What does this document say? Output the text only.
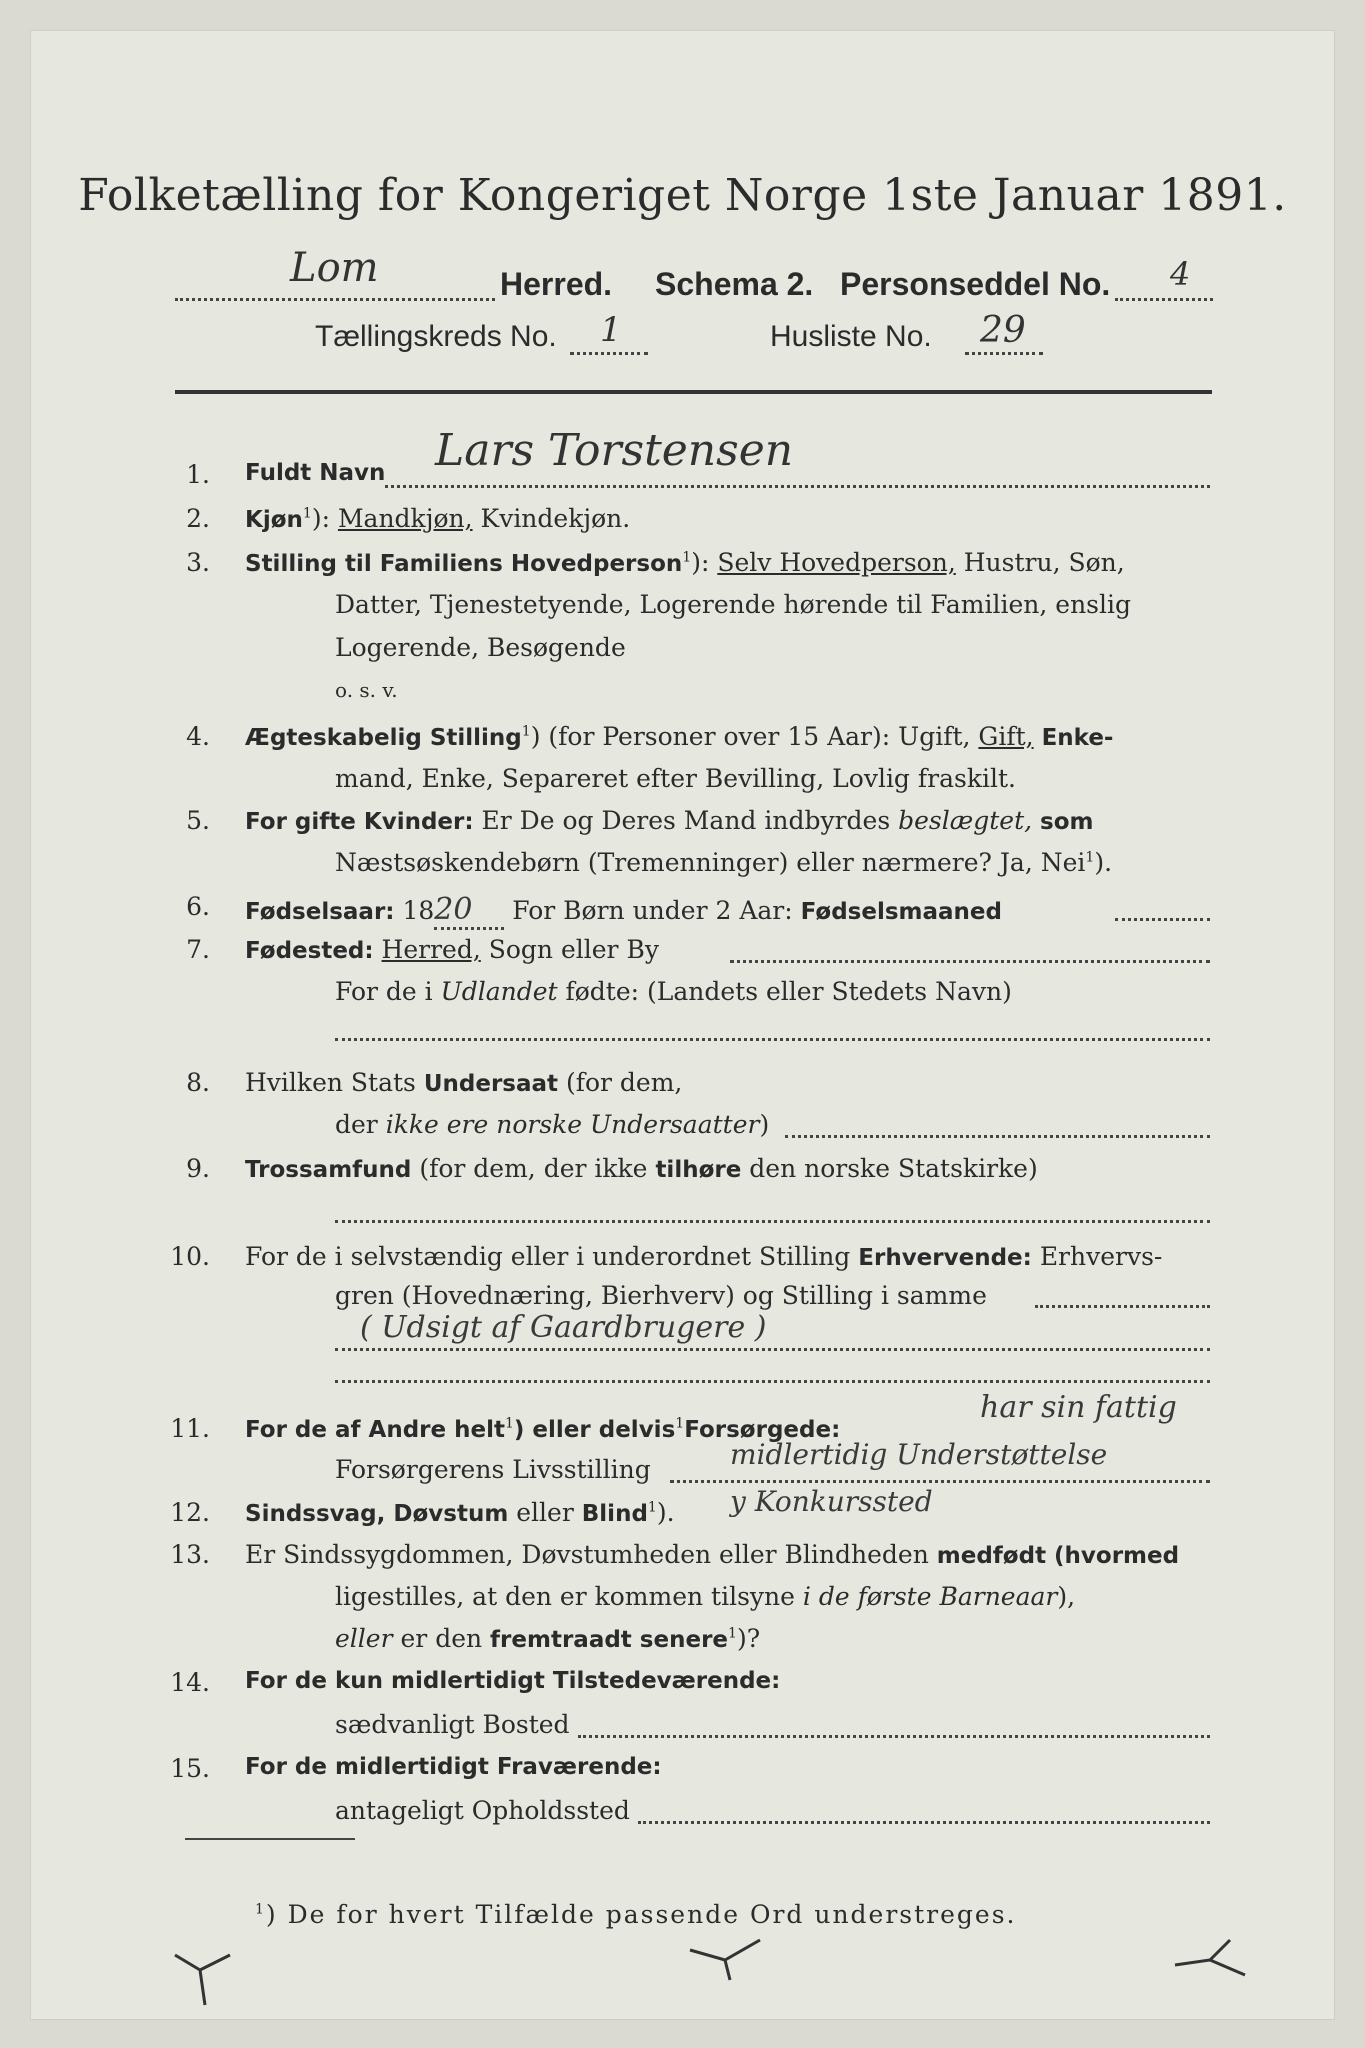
Folketælling for Kongeriget Norge 1ste Januar 1891.
Lom	Herred. Schema 2. Personseddel No. 4
Tællingskreds No. 1	Husliste No. 29
1. Fuldt Navn Lars Torstensen
2. Kjøn$^1$): Mandkjøn, Kvindekjøn.
3. Stilling til Familiens Hovedperson$^1$): Selv Hovedperson, Hustru, Søn,
Datter, Tjenestetyende, Logerende hørende til Familien, enslig
Logerende, Besøgende
o. s. v.
4. Ægteskabelig Stilling$^1$) (for Personer over 15 Aar): Ugift, Gift, Enke-
mand, Enke, Separeret efter Bevilling, Lovlig fraskilt.
5. For gifte Kvinder: Er De og Deres Mand indbyrdes beslægtet, som
Næstsøskendebørn (Tremenninger) eller nærmere? Ja, Nei$^1$).
6. Fødselsaar: 1820 For Børn under 2 Aar: Fødselsmaaned
7. Fødested: Herred, Sogn eller By
For de i Udlandet fødte: (Landets eller Stedets Navn)
8. Hvilken Stats Undersaat (for dem,
der ikke ere norske Undersaatter)
9. Trossamfund (for dem, der ikke tilhøre den norske Statskirke)
10. For de i selvstændig eller i underordnet Stilling Erhvervende: Erhvervs-
gren (Hovednæring, Bierhverv) og Stilling i samme
( Udsigt af Gaardbrugere )
11. For de af Andre helt$^1$) eller delvis$^1$Forsørgede:
har sin fattig
Forsørgerens Livsstilling	midlertidig Understøttelse
12. Sindssvag, Døvstum eller Blind$^1$). y Konkurssted
13. Er Sindssygdommen, Døvstumheden eller Blindheden medfødt (hvormed
ligestilles, at den er kommen tilsyne i de første Barneaar),
eller er den fremtraadt senere$^1$)?
14. For de kun midlertidigt Tilstedeværende:
sædvanligt Bosted
15. For de midlertidigt Fraværende:
antageligt Opholdssted
$^1$) De for hvert Tilfælde passende Ord understreges.
